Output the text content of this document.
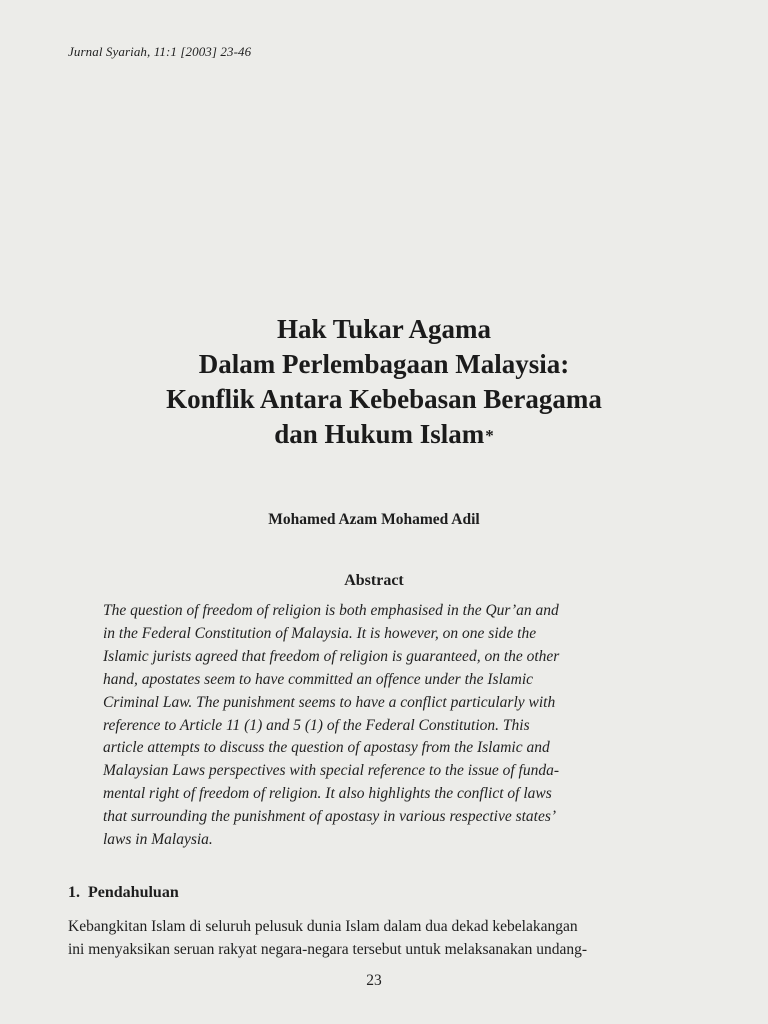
Jurnal Syariah, 11:1 [2003] 23-46
Hak Tukar Agama
Dalam Perlembagaan Malaysia:
Konflik Antara Kebebasan Beragama
dan Hukum Islam*
Mohamed Azam Mohamed Adil
Abstract
The question of freedom of religion is both emphasised in the Qur’an and
in the Federal Constitution of Malaysia. It is however, on one side the
Islamic jurists agreed that freedom of religion is guaranteed, on the other
hand, apostates seem to have committed an offence under the Islamic
Criminal Law. The punishment seems to have a conflict particularly with
reference to Article 11 (1) and 5 (1) of the Federal Constitution. This
article attempts to discuss the question of apostasy from the Islamic and
Malaysian Laws perspectives with special reference to the issue of funda-
mental right of freedom of religion. It also highlights the conflict of laws
that surrounding the punishment of apostasy in various respective states’
laws in Malaysia.
1. Pendahuluan
Kebangkitan Islam di seluruh pelusuk dunia Islam dalam dua dekad kebelakangan
ini menyaksikan seruan rakyat negara-negara tersebut untuk melaksanakan undang-
23
